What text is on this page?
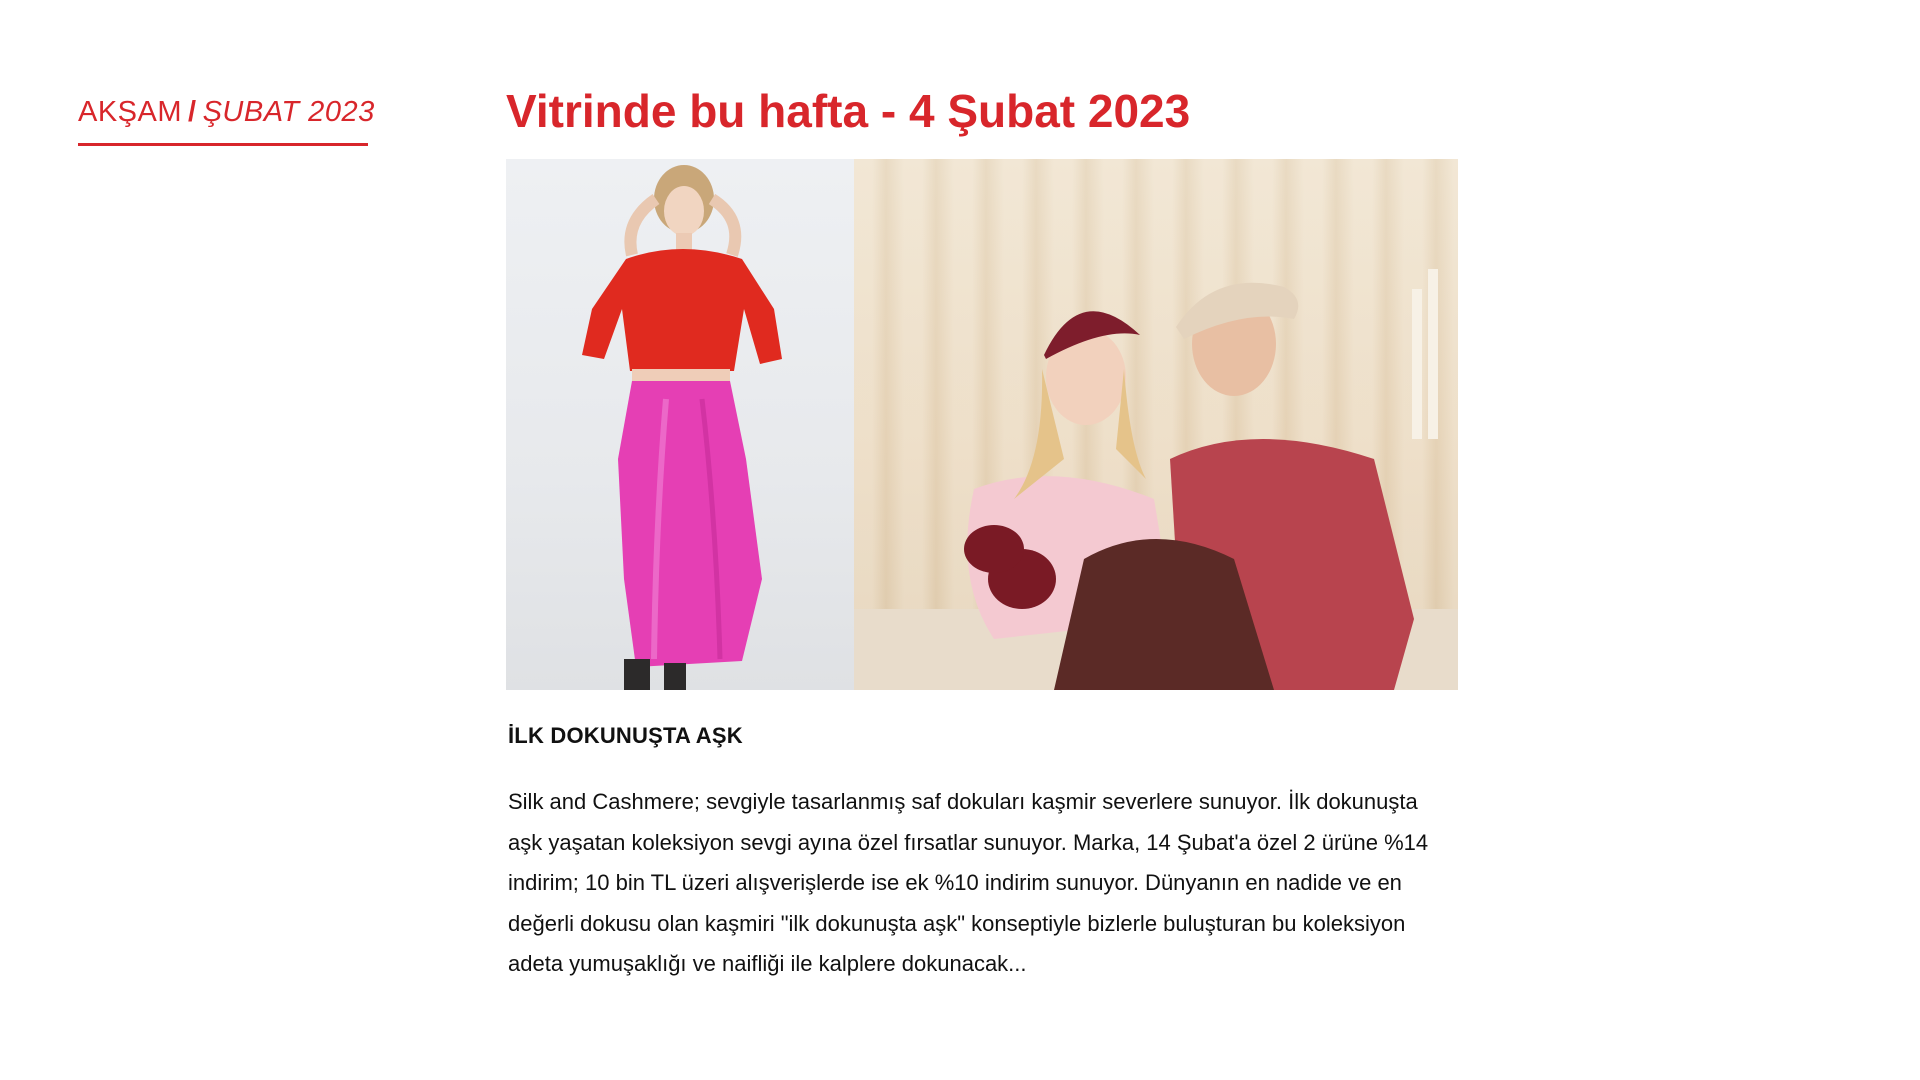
AKŞAM / ŞUBAT 2023	Vitrinde bu hafta - 4 Şubat 2023
İLK DOKUNUŞTA AŞK

Silk and Cashmere; sevgiyle tasarlanmış saf dokuları kaşmir severlere sunuyor. İlk dokunuşta aşk yaşatan koleksiyon sevgi ayına özel fırsatlar sunuyor. Marka, 14 Şubat'a özel 2 ürüne %14 indirim; 10 bin TL üzeri alışverişlerde ise ek %10 indirim sunuyor. Dünyanın en nadide ve en değerli dokusu olan kaşmiri "ilk dokunuşta aşk" konseptiyle bizlerle buluşturan bu koleksiyon adeta yumuşaklığı ve naifliği ile kalplere dokunacak...
